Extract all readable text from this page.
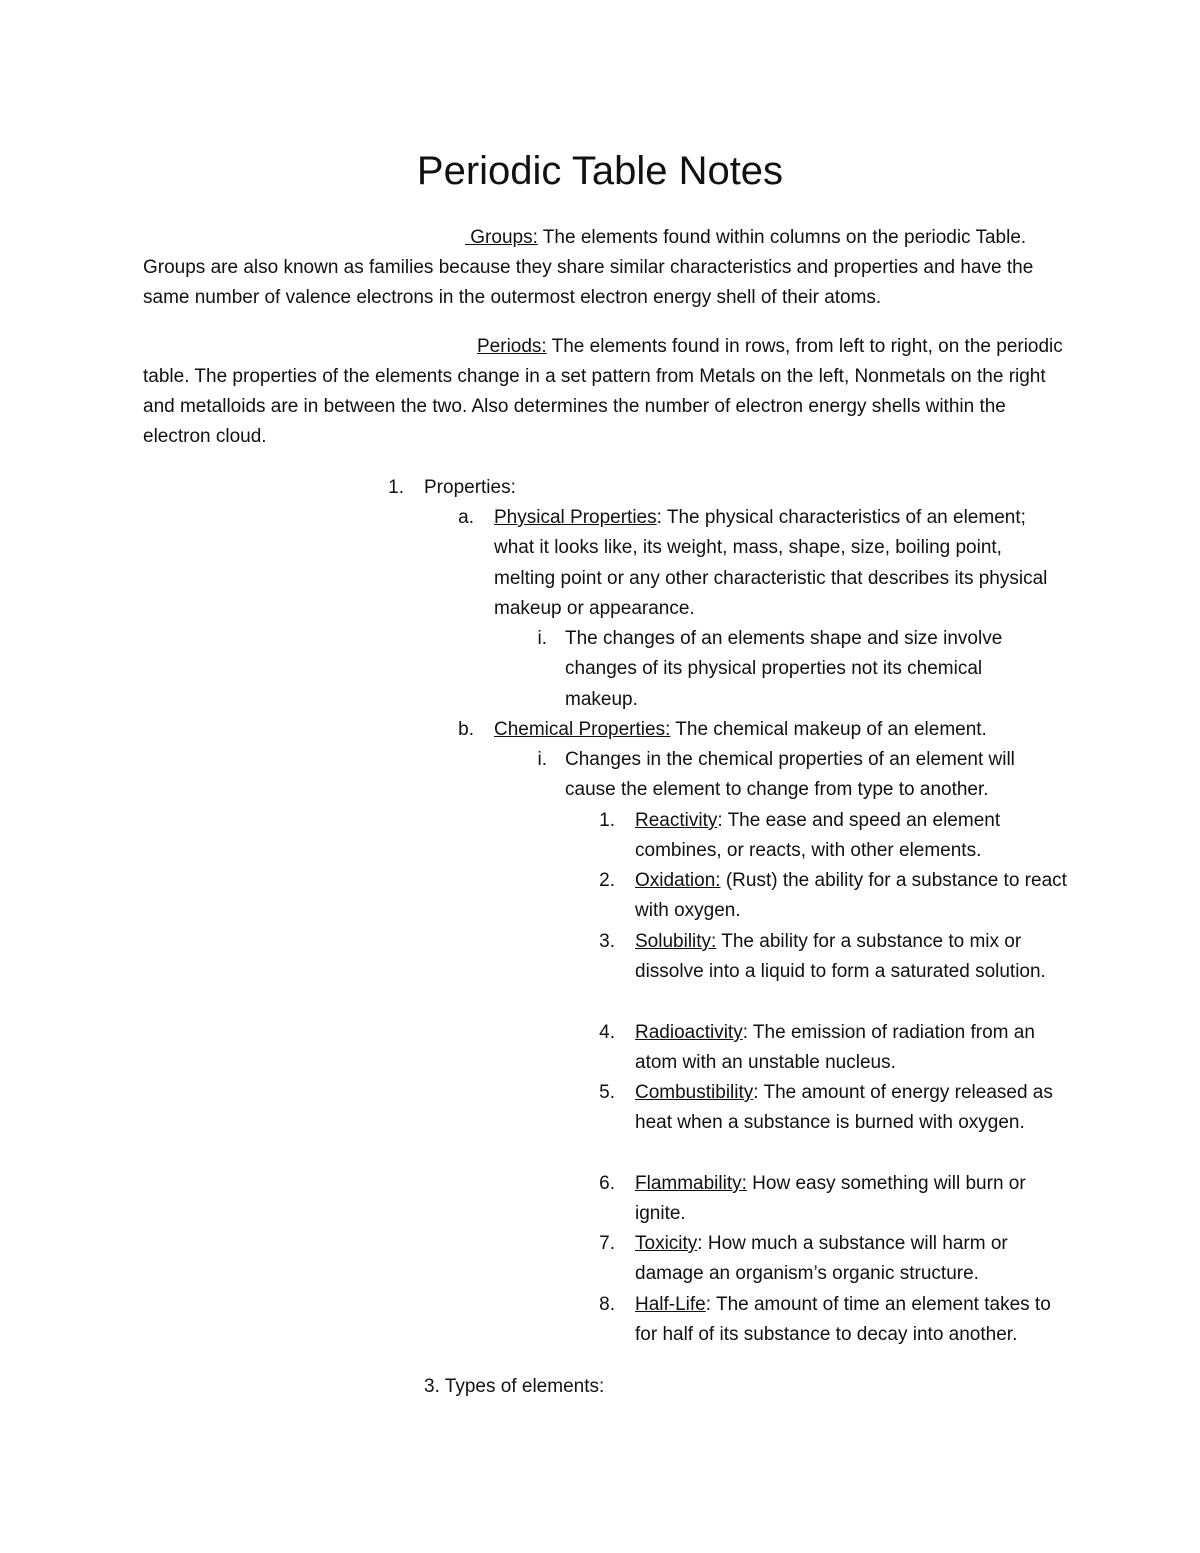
Periodic Table Notes
Groups: The elements found within columns on the periodic Table. Groups are also known as families because they share similar characteristics and properties and have the same number of valence electrons in the outermost electron energy shell of their atoms.
Periods: The elements found in rows, from left to right, on the periodic table. The properties of the elements change in a set pattern from Metals on the left, Nonmetals on the right and metalloids are in between the two. Also determines the number of electron energy shells within the electron cloud.
1. Properties:
a. Physical Properties: The physical characteristics of an element; what it looks like, its weight, mass, shape, size, boiling point, melting point or any other characteristic that describes its physical makeup or appearance.
i. The changes of an elements shape and size involve changes of its physical properties not its chemical makeup.
b. Chemical Properties: The chemical makeup of an element.
i. Changes in the chemical properties of an element will cause the element to change from type to another.
1. Reactivity: The ease and speed an element combines, or reacts, with other elements.
2. Oxidation: (Rust) the ability for a substance to react with oxygen.
3. Solubility: The ability for a substance to mix or dissolve into a liquid to form a saturated solution.
4. Radioactivity: The emission of radiation from an atom with an unstable nucleus.
5. Combustibility: The amount of energy released as heat when a substance is burned with oxygen.
6. Flammability: How easy something will burn or ignite.
7. Toxicity: How much a substance will harm or damage an organism’s organic structure.
8. Half-Life: The amount of time an element takes to for half of its substance to decay into another.
3. Types of elements:
